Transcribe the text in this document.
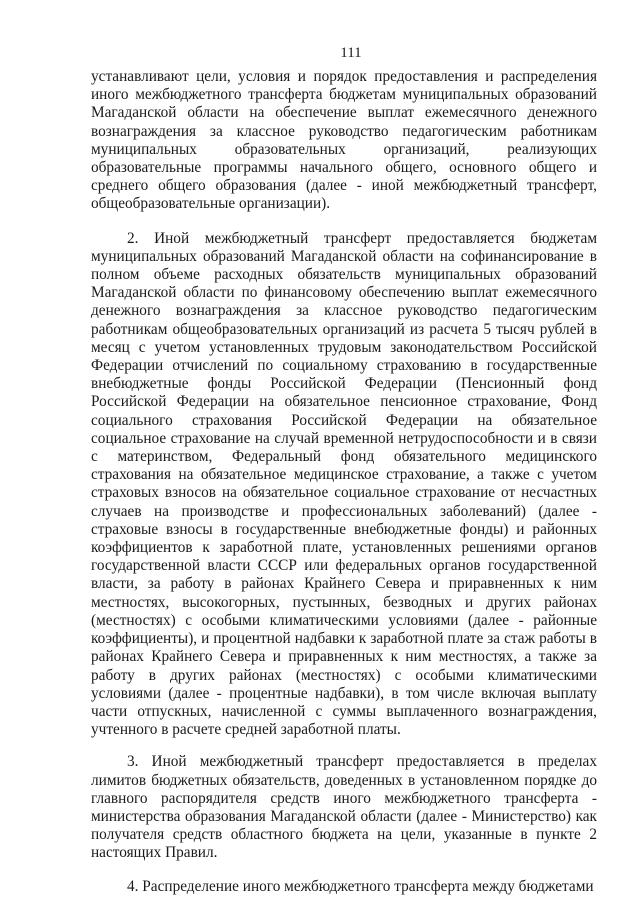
111

устанавливают цели, условия и порядок предоставления и распределения иного межбюджетного трансферта бюджетам муниципальных образований Магаданской области на обеспечение выплат ежемесячного денежного вознаграждения за классное руководство педагогическим работникам муниципальных образовательных организаций, реализующих образовательные программы начального общего, основного общего и среднего общего образования (далее - иной межбюджетный трансферт, общеобразовательные организации).

2. Иной межбюджетный трансферт предоставляется бюджетам муниципальных образований Магаданской области на софинансирование в полном объеме расходных обязательств муниципальных образований Магаданской области по финансовому обеспечению выплат ежемесячного денежного вознаграждения за классное руководство педагогическим работникам общеобразовательных организаций из расчета 5 тысяч рублей в месяц с учетом установленных трудовым законодательством Российской Федерации отчислений по социальному страхованию в государственные внебюджетные фонды Российской Федерации (Пенсионный фонд Российской Федерации на обязательное пенсионное страхование, Фонд социального страхования Российской Федерации на обязательное социальное страхование на случай временной нетрудоспособности и в связи с материнством, Федеральный фонд обязательного медицинского страхования на обязательное медицинское страхование, а также с учетом страховых взносов на обязательное социальное страхование от несчастных случаев на производстве и профессиональных заболеваний) (далее - страховые взносы в государственные внебюджетные фонды) и районных коэффициентов к заработной плате, установленных решениями органов государственной власти СССР или федеральных органов государственной власти, за работу в районах Крайнего Севера и приравненных к ним местностях, высокогорных, пустынных, безводных и других районах (местностях) с особыми климатическими условиями (далее - районные коэффициенты), и процентной надбавки к заработной плате за стаж работы в районах Крайнего Севера и приравненных к ним местностях, а также за работу в других районах (местностях) с особыми климатическими условиями (далее - процентные надбавки), в том числе включая выплату части отпускных, начисленной с суммы выплаченного вознаграждения, учтенного в расчете средней заработной платы.

3. Иной межбюджетный трансферт предоставляется в пределах лимитов бюджетных обязательств, доведенных в установленном порядке до главного распорядителя средств иного межбюджетного трансферта - министерства образования Магаданской области (далее - Министерство) как получателя средств областного бюджета на цели, указанные в пункте 2 настоящих Правил.

4. Распределение иного межбюджетного трансферта между бюджетами
